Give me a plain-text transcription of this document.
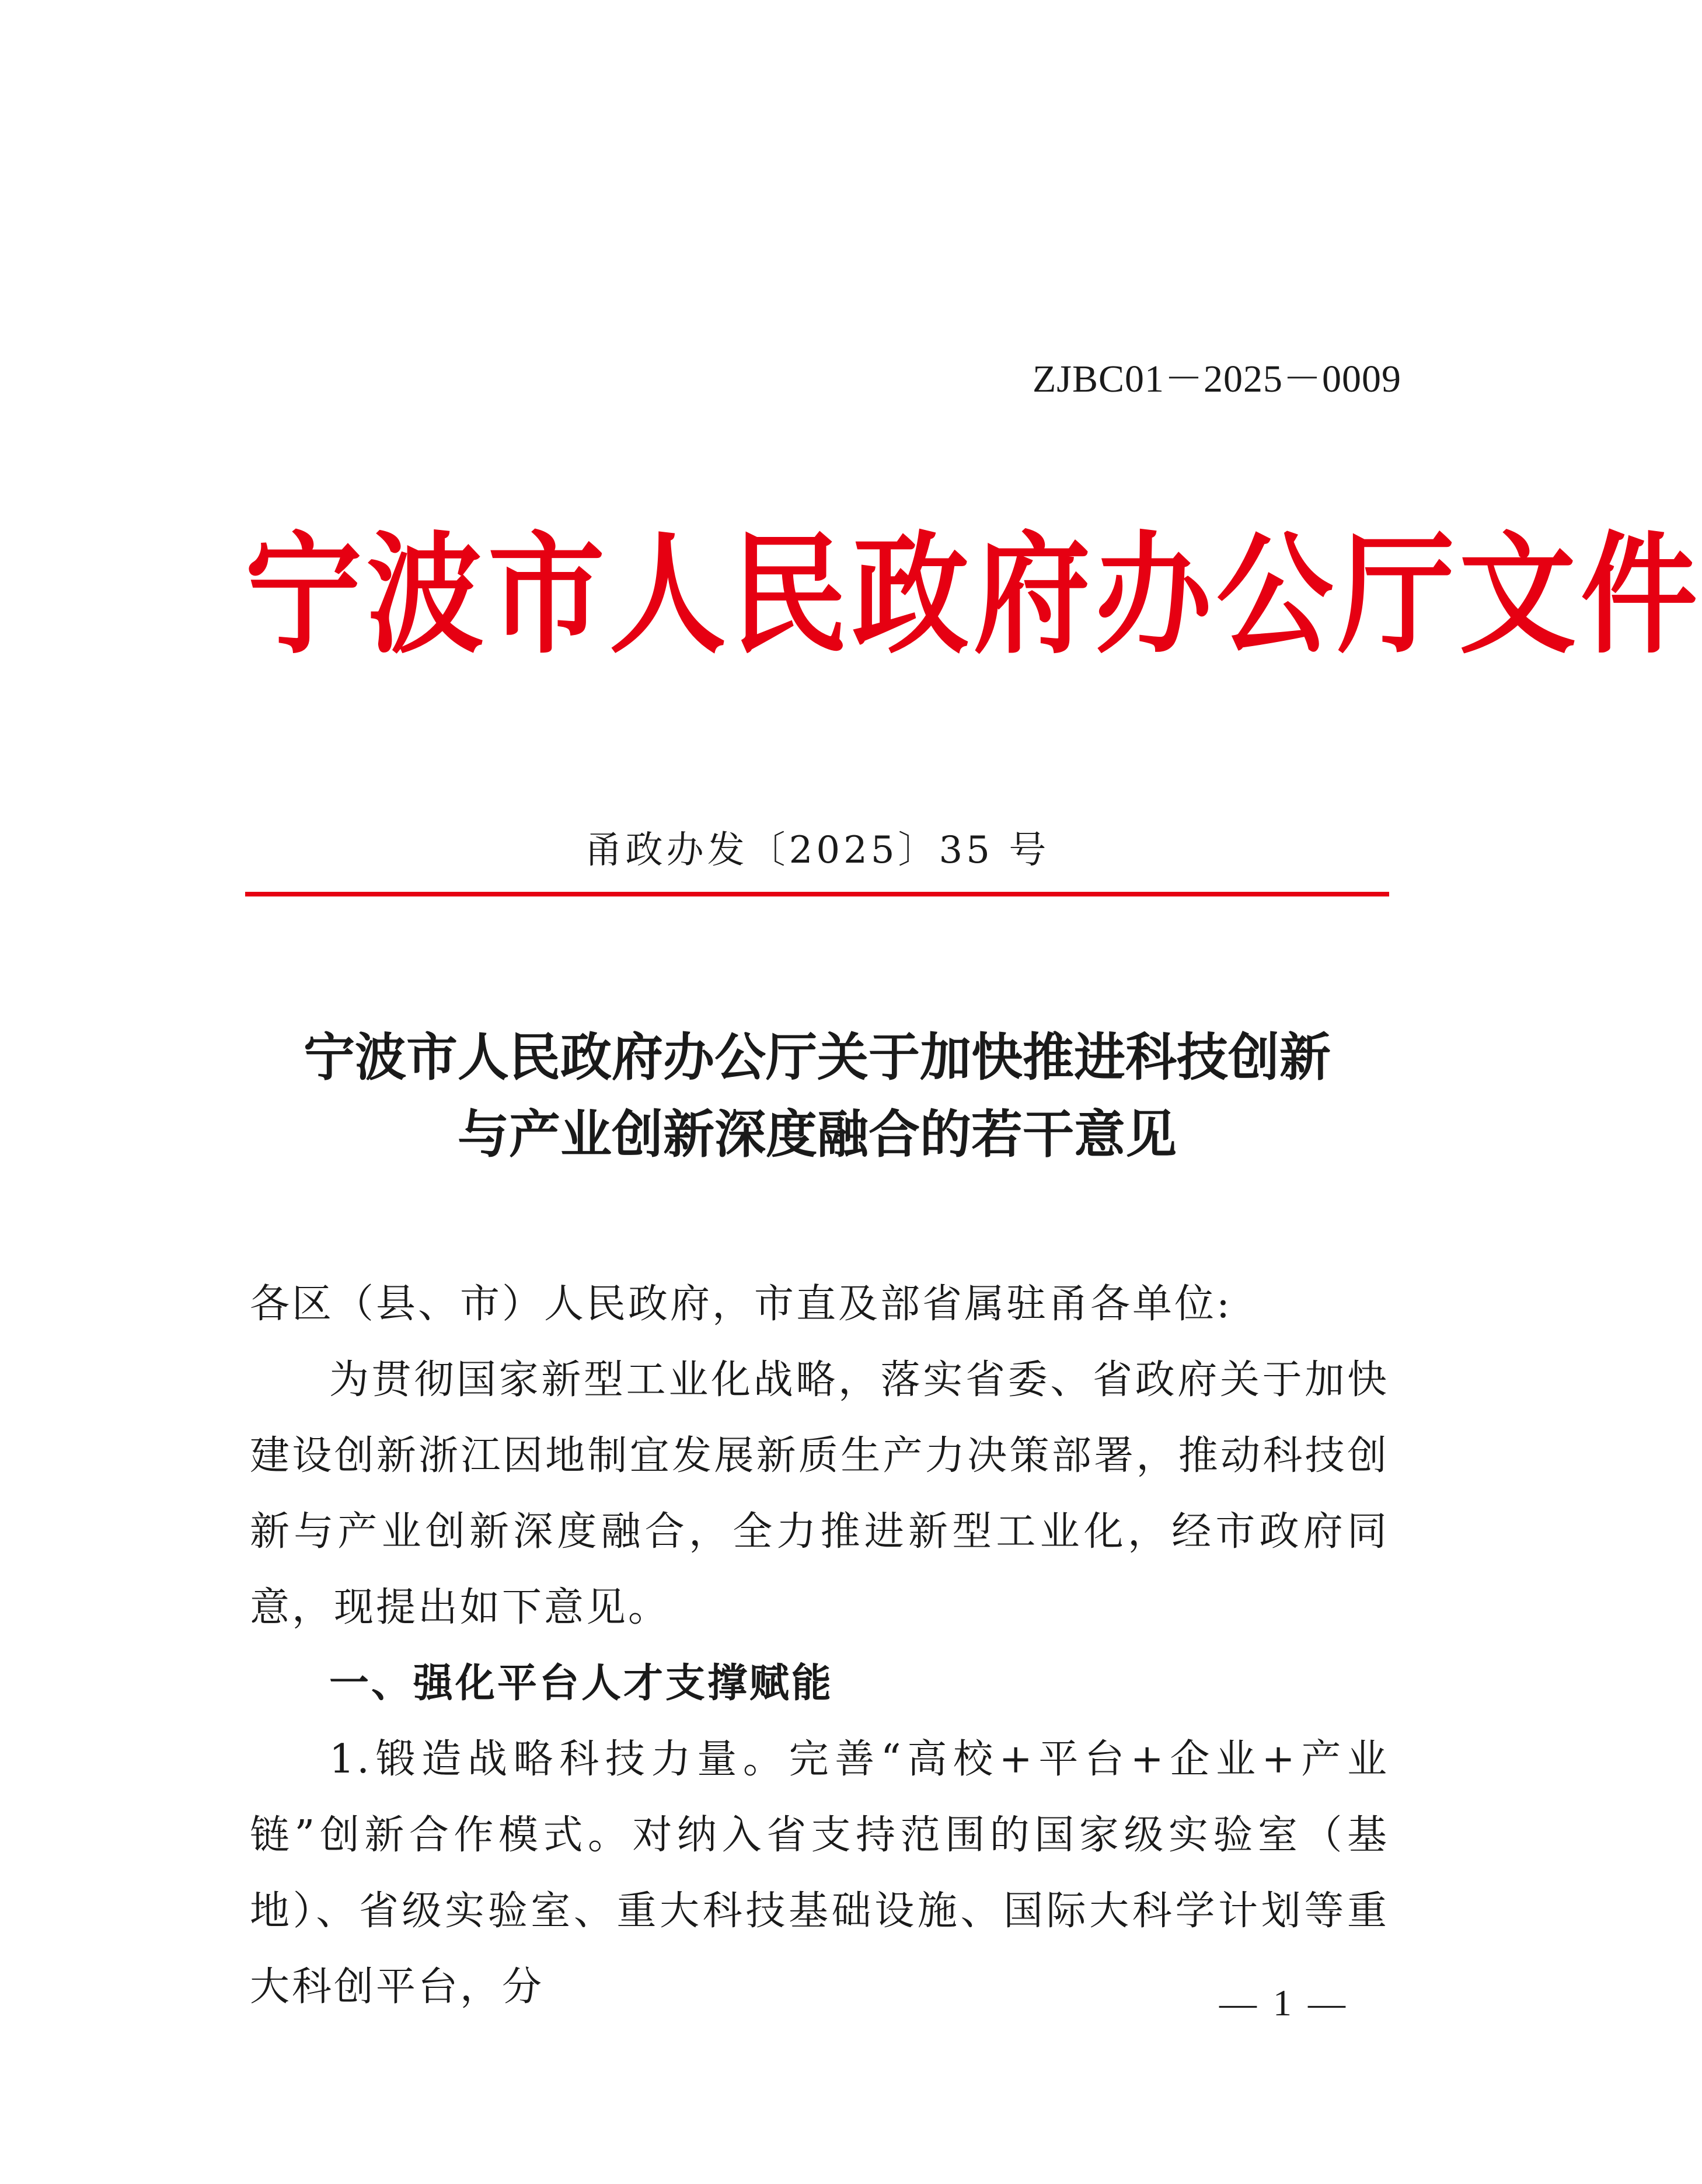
ZJBC01－2025－0009
宁波市人民政府办公厅文件
甬政办发〔2025〕35 号
宁波市人民政府办公厅关于加快推进科技创新
与产业创新深度融合的若干意见

各区（县、市）人民政府，市直及部省属驻甬各单位:

为贯彻国家新型工业化战略，落实省委、省政府关于加快建设创新浙江因地制宜发展新质生产力决策部署，推动科技创新与产业创新深度融合，全力推进新型工业化，经市政府同意，现提出如下意见。

一、强化平台人才支撑赋能

1.锻造战略科技力量。完善“高校+平台+企业+产业链”创新合作模式。对纳入省支持范围的国家级实验室（基地）、省级实验室、重大科技基础设施、国际大科学计划等重大科创平台，分	— 1 —
